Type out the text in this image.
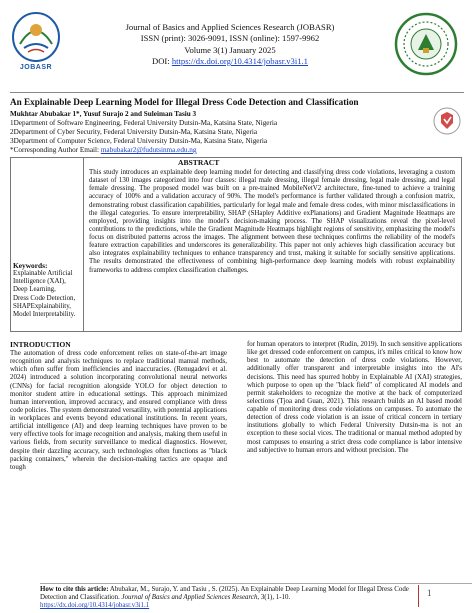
JOBASR
Journal of Basics and Applied Sciences Research (JOBASR)
ISSN (print): 3026-9091, ISSN (online): 1597-9962
Volume 3(1) January 2025
DOI: https://dx.doi.org/10.4314/jobasr.v3i1.1
An Explainable Deep Learning Model for Illegal Dress Code Detection and Classification
Mukhtar Abubakar 1*, Yusuf Surajo 2 and Suleiman Tasiu 3
1Department of Software Engineering, Federal University Dutsin-Ma, Katsina State, Nigeria
2Department of Cyber Security, Federal University Dutsin-Ma, Katsina State, Nigeria
3Department of Computer Science, Federal University Dutsin-Ma, Katsina State, Nigeria
*Corresponding Author Email: mabubakar2@fudutsinma.edu.ng
ABSTRACT
This study introduces an explainable deep learning model for detecting and classifying dress code violations, leveraging a custom dataset of 130 images categorized into four classes: illegal male dressing, illegal female dressing, legal male dressing, and legal female dressing. The proposed model was built on a pre-trained MobileNetV2 architecture, fine-tuned to achieve a training accuracy of 100% and a validation accuracy of 90%. The model's performance is further validated through a confusion matrix, demonstrating robust classification capabilities, particularly for legal male and female dress codes, with minor misclassifications in the illegal categories. To ensure interpretability, SHAP (SHapley Additive exPlanations) and Gradient Magnitude Heatmaps are employed, providing insights into the model's decision-making process. The SHAP visualizations reveal the pixel-level contributions to the predictions, while the Gradient Magnitude Heatmaps highlight regions of sensitivity, emphasizing the model's focus on distributed patterns across the images. The alignment between these techniques confirms the reliability of the model's feature extraction capabilities and underscores its generalizability. This paper not only achieves high classification accuracy but also integrates explainability techniques to enhance transparency and trust, making it suitable for socially sensitive applications. The results demonstrated the effectiveness of combining high-performance deep learning models with robust explainability frameworks to address complex classification challenges.
Keywords:
Explainable Artificial Intelligence (XAI),
Deep Learning,
Dress Code Detection,
SHAPExplainability,
Model Interpretability.
INTRODUCTION
The automation of dress code enforcement relies on state-of-the-art image recognition and analysis techniques to replace traditional manual methods, which often suffer from inefficiencies and inaccuracies. (Renugadevi et al. 2024) introduced a solution incorporating convolutional neural networks (CNNs) for facial recognition alongside YOLO for object detection to monitor student attire in educational settings. This approach minimized human intervention, improved accuracy, and ensured compliance with dress code policies. The system demonstrated versatility, with potential applications in workplaces and events beyond educational institutions. In recent years, artificial intelligence (AI) and deep learning techniques have proven to be very effective tools for image recognition and analysis, making them useful in various fields, from security surveillance to medical diagnostics. However, despite their dazzling accuracy, such technologies often functions as "black packing containers," wherein the decision-making tactics are opaque and tough
for human operators to interpret (Rudin, 2019). In such sensitive applications like get dressed code enforcement on campus, it's miles critical to know how best to automate the detection of dress code violations. However, additionally offer transparent and interpretable insights into the AI's decisions. This need has spurred hobby in Explainable AI (XAI) strategies, which purpose to open up the "black field" of complicated AI models and permit stakeholders to recognize the motive at the back of computerized selections (Tjoa and Guan, 2021). This research builds an AI based model capable of monitoring dress code violations on campuses. To automate the detection of dress code violation is an issue of critical concern in tertiary institutions globally to which Federal University Dutsin-ma is not an exception to these social vices. The traditional or manual method adopted by most campuses to ensuring a strict dress code compliance is labor intensive and subjective to human errors and without precision. The
How to cite this article: Abubakar, M., Surajo, Y. and Tasiu , S. (2025). An Explainable Deep Learning Model for Illegal Dress Code Detection and Classification. Journal of Basics and Applied Sciences Research, 3(1), 1-10.
https://dx.doi.org/10.4314/jobasr.v3i1.1
1
